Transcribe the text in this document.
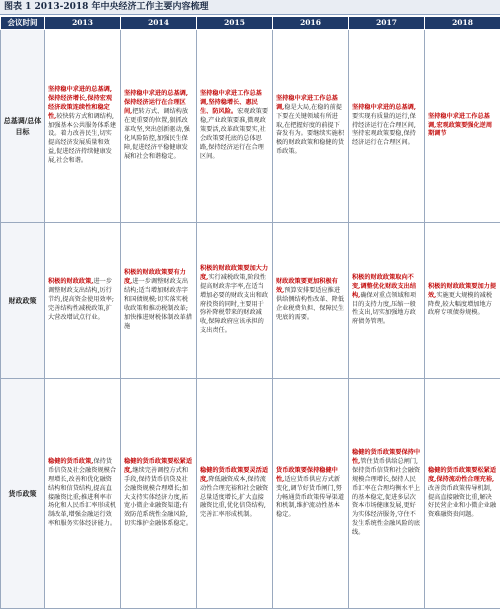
图表 1 2013-2018 年中央经济工作主要内容梳理
会议时间	2013	2014	2015	2016	2017	2018
总基调/总体目标	坚持稳中求进的总基调,保持经济增长,保持宏观经济政策连续性和稳定性,较快转方式和调结构,加强基本公共服务体系建设。着力改善民生,切实提高经济发展质量和效益,促进经济持续健康发展,社会和谐。	坚持稳中求进的总基调,保持经济运行在合理区间,把转方式、调结构放在更重要的位置,狠抓改革攻坚,突出创新驱动,强化风险防控,加强民生保障,促进经济平稳健康发展和社会和谐稳定。	坚持稳中求进工作总基调,坚持稳增长、惠民生、防风险。宏观政策要稳,产业政策要准,微观政策要活,改革政策要实,社会政策要托底的总体思路,保持经济运行在合理区间。	坚持稳中求进工作总基调,稳是大局,在稳的前提下要在关键领域有所进取,在把握好度的前提下奋发有为。要继续实施积极的财政政策和稳健的货币政策。	坚持稳中求进的总基调,要实现有质量的运行,保持经济运行在合理区间,坚持宏观政策要稳,保持经济运行在合理区间。	坚持稳中求进工作总基调,宏观政策要强化逆周期调节
财政政策	积极的财政政策,进一步调整财政支出结构,厉行节约,提高资金使用效率;完善结构性减税政策,扩大营改增试点行业。	积极的财政政策要有力度,进一步调整财政支出结构;适当增加财政赤字和国债规模;切实落实税收政策和推动税制改革;加快推进财税体制改革措施	积极的财政政策要加大力度,实行减税政策,阶段性提高财政赤字率,在适当增加必要的财政支出和政府投资的同时,主要用于弥补降税带来的财政减收,保障政府应该承担的支出责任。	财政政策要更加积极有效,预算安排要适应推进供给侧结构性改革、降低企业税费负担、保障民生兜底的需要。	积极的财政政策取向不变,调整优化财政支出结构,确保对重点领域和项目的支持力度,压缩一般性支出,切实加强地方政府债务管理。	积极的财政政策要加力提效,实施更大规模的减税降费,较大幅度增加地方政府专项债券规模。
货币政策	稳健的货币政策,保持货币信贷及社会融资规模合理增长,改善和优化融资结构和信贷结构,提高直接融资比重;推进利率市场化和人民币汇率形成机制改革,增强金融运行效率和服务实体经济能力。	稳健的货币政策要松紧适度,继续完善调控方式和手段,保持货币信贷及社会融资规模合理增长;加大支持实体经济力度,拓宽小微企业融资渠道;有效防范系统性金融风险,切实维护金融体系稳定。	稳健的货币政策要灵活适度,降低融资成本,保持流动性合理充裕和社会融资总量适度增长,扩大直接融资比重,优化信贷结构,完善汇率形成机制。	货币政策要保持稳健中性,适应货币供应方式新变化,调节好货币闸门,努力畅通货币政策传导渠道和机制,维护流动性基本稳定。	稳健的货币政策要保持中性,管住货币供给总闸门,保持货币信贷和社会融资规模合理增长,保持人民币汇率在合理均衡水平上的基本稳定,促进多层次资本市场健康发展,更好为实体经济服务,守住不发生系统性金融风险的底线。	稳健的货币政策要松紧适度,保持流动性合理充裕,改善货币政策传导机制,提高直接融资比重,解决好民营企业和小微企业融资难融资贵问题。
